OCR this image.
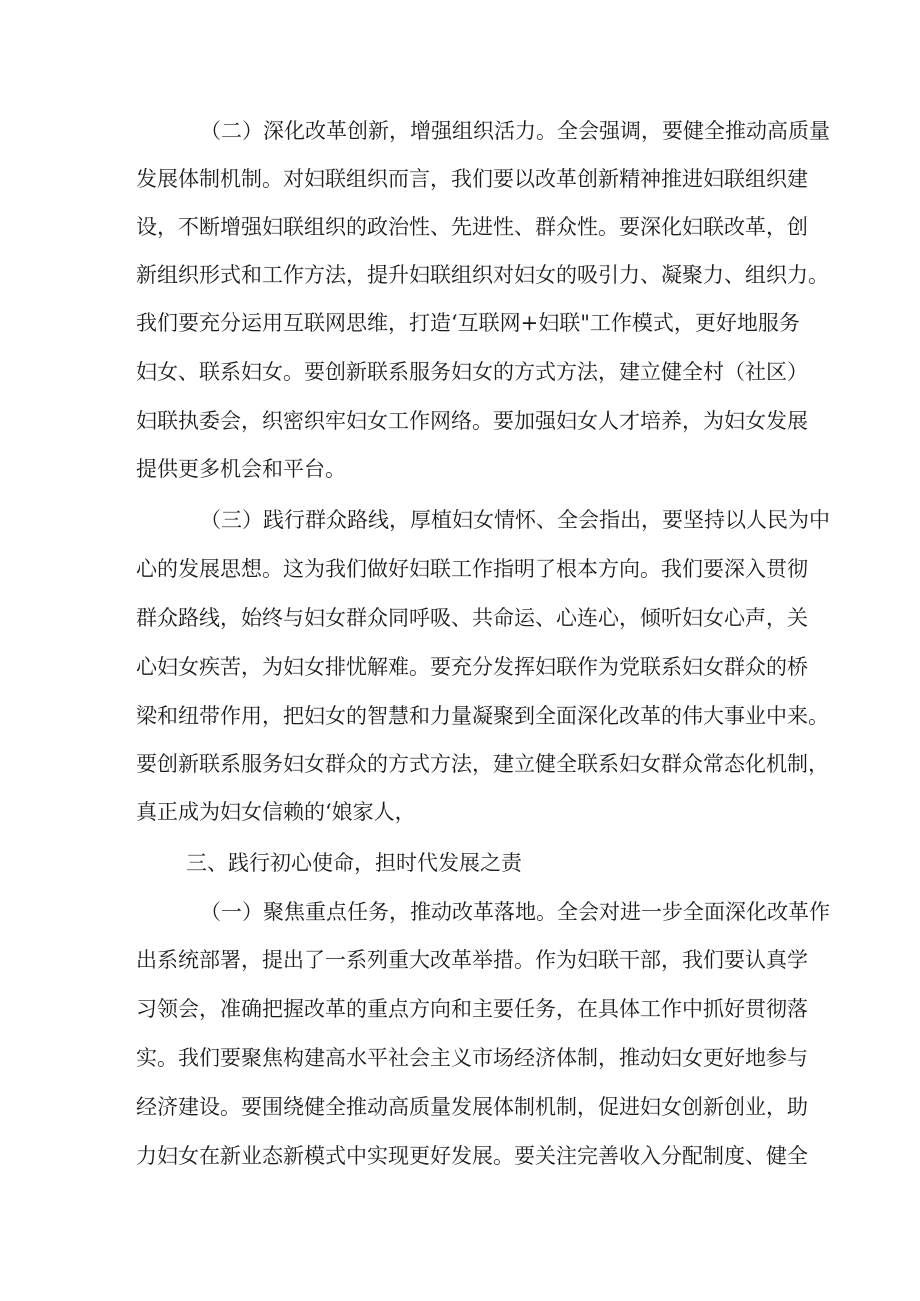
（二）深化改革创新，增强组织活力。全会强调，要健全推动高质量
发展体制机制。对妇联组织而言，我们要以改革创新精神推进妇联组织建
设，不断增强妇联组织的政治性、先进性、群众性。要深化妇联改革，创
新组织形式和工作方法，提升妇联组织对妇女的吸引力、凝聚力、组织力。
我们要充分运用互联网思维，打造‘互联网+妇联"工作模式，更好地服务
妇女、联系妇女。要创新联系服务妇女的方式方法，建立健全村（社区）
妇联执委会，织密织牢妇女工作网络。要加强妇女人才培养，为妇女发展
提供更多机会和平台。
（三）践行群众路线，厚植妇女情怀、全会指出，要坚持以人民为中
心的发展思想。这为我们做好妇联工作指明了根本方向。我们要深入贯彻
群众路线，始终与妇女群众同呼吸、共命运、心连心，倾听妇女心声，关
心妇女疾苦，为妇女排忧解难。要充分发挥妇联作为党联系妇女群众的桥
梁和纽带作用，把妇女的智慧和力量凝聚到全面深化改革的伟大事业中来。
要创新联系服务妇女群众的方式方法，建立健全联系妇女群众常态化机制，
真正成为妇女信赖的‘娘家人，
三、践行初心使命，担时代发展之责
（一）聚焦重点任务，推动改革落地。全会对进一步全面深化改革作
出系统部署，提出了一系列重大改革举措。作为妇联干部，我们要认真学
习领会，准确把握改革的重点方向和主要任务，在具体工作中抓好贯彻落
实。我们要聚焦构建高水平社会主义市场经济体制，推动妇女更好地参与
经济建设。要围绕健全推动高质量发展体制机制，促进妇女创新创业，助
力妇女在新业态新模式中实现更好发展。要关注完善收入分配制度、健全
